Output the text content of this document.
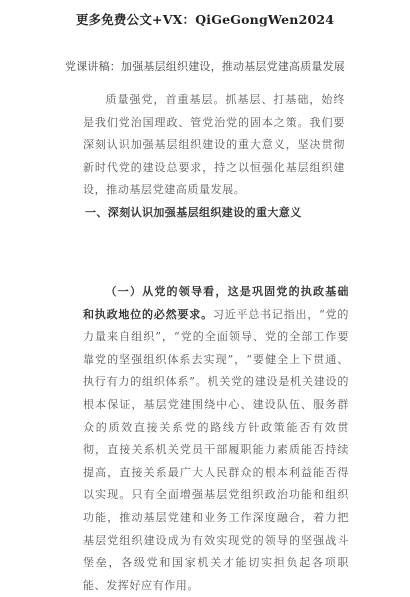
更多免费公文+VX：QiGeGongWen2024
党课讲稿：加强基层组织建设，推动基层党建高质量发展

质量强党，首重基层。抓基层、打基础，始终是我们党治国理政、管党治党的固本之策。我们要深刻认识加强基层组织建设的重大意义，坚决贯彻新时代党的建设总要求，持之以恒强化基层组织建设，推动基层党建高质量发展。

一、深刻认识加强基层组织建设的重大意义

（一）从党的领导看，这是巩固党的执政基础和执政地位的必然要求。习近平总书记指出，“党的力量来自组织”，“党的全面领导、党的全部工作要靠党的坚强组织体系去实现”，“要健全上下贯通、执行有力的组织体系”。机关党的建设是机关建设的根本保证，基层党建围绕中心、建设队伍、服务群众的质效直接关系党的路线方针政策能否有效贯彻，直接关系机关党员干部履职能力素质能否持续提高，直接关系最广大人民群众的根本利益能否得以实现。只有全面增强基层党组织政治功能和组织功能，推动基层党建和业务工作深度融合，着力把基层党组织建设成为有效实现党的领导的坚强战斗堡垒，各级党和国家机关才能切实担负起各项职能、发挥好应有作用。
